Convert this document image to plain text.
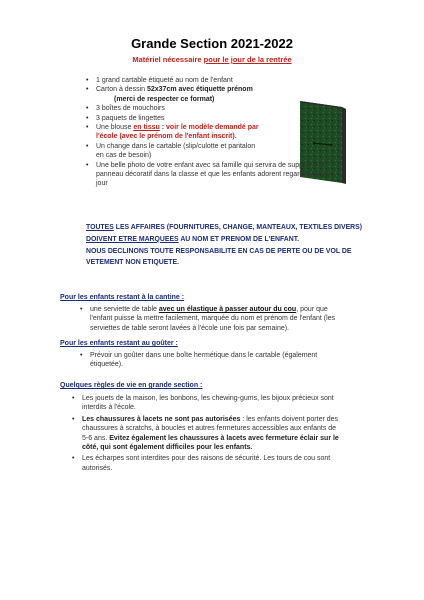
Grande Section 2021-2022
Matériel nécessaire pour le jour de la rentrée
• 1 grand cartable étiqueté au nom de l'enfant
• Carton à dessin 52x37cm avec étiquette prénom
(merci de respecter ce format)
• 3 boîtes de mouchoirs
• 3 paquets de lingettes
• Une blouse en tissu : voir le modèle demandé par
l'école (avec le prénom de l'enfant inscrit).
• Un change dans le cartable (slip/culotte et pantalon
en cas de besoin)
• Une belle photo de votre enfant avec sa famille qui servira de support à un
panneau décoratif dans la classe et que les enfants adorent regarder chaque
jour
TOUTES LES AFFAIRES (FOURNITURES, CHANGE, MANTEAUX, TEXTILES DIVERS)
DOIVENT ETRE MARQUEES AU NOM ET PRENOM DE L'ENFANT.
NOUS DECLINONS TOUTE RESPONSABILITE EN CAS DE PERTE OU DE VOL DE
VETEMENT NON ETIQUETE.
Pour les enfants restant à la cantine :
• une serviette de table avec un élastique à passer autour du cou, pour que
l'enfant puisse la mettre facilement, marquée du nom et prénom de l'enfant (les
serviettes de table seront lavées à l'école une fois par semaine).
Pour les enfants restant au goûter :
• Prévoir un goûter dans une boîte hermétique dans le cartable (également
étiquetée).
Quelques règles de vie en grande section :
• Les jouets de la maison, les bonbons, les chewing-gums, les bijoux précieux sont
interdits à l'école.
• Les chaussures à lacets ne sont pas autorisées : les enfants doivent porter des
chaussures à scratchs, à boucles et autres fermetures accessibles aux enfants de
5-6 ans. Evitez également les chaussures à lacets avec fermeture éclair sur le
côté, qui sont également difficiles pour les enfants.
• Les écharpes sont interdites pour des raisons de sécurité. Les tours de cou sont
autorisés.
